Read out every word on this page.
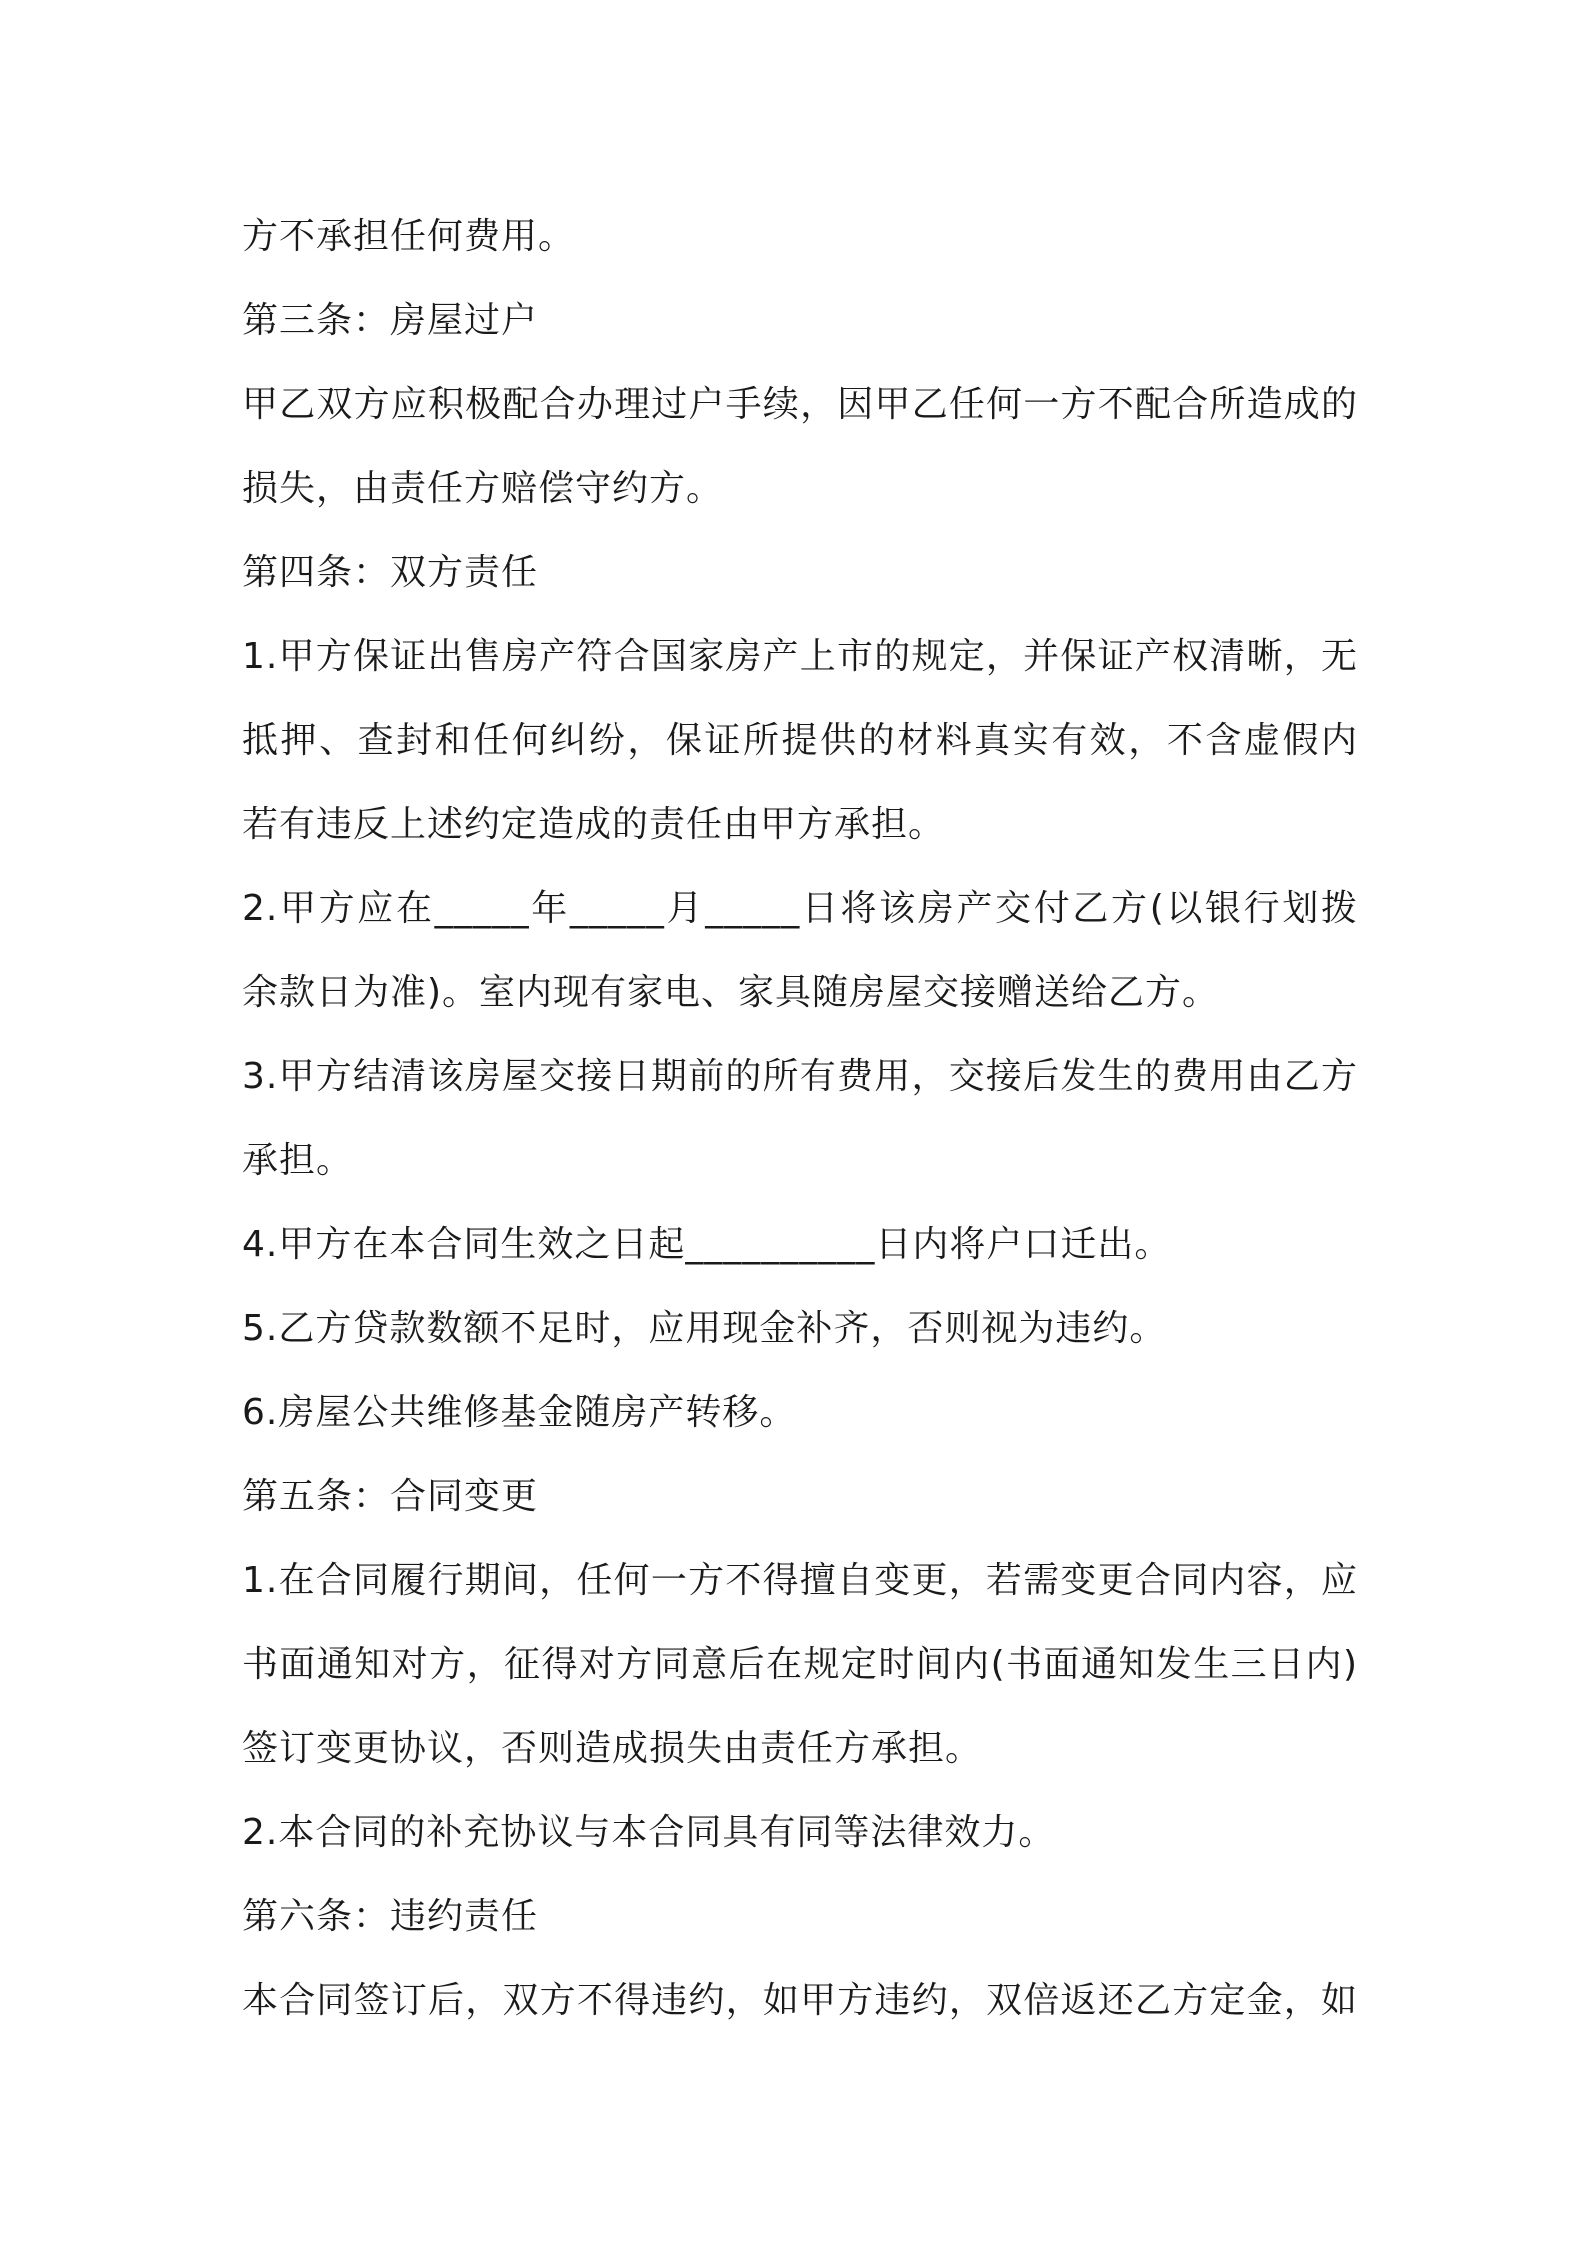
方不承担任何费用。
第三条：房屋过户
甲乙双方应积极配合办理过户手续，因甲乙任何一方不配合所造成的
损失，由责任方赔偿守约方。
第四条：双方责任
1.甲方保证出售房产符合国家房产上市的规定，并保证产权清晰，无
抵押、查封和任何纠纷，保证所提供的材料真实有效，不含虚假内
若有违反上述约定造成的责任由甲方承担。
2.甲方应在_____年_____月_____日将该房产交付乙方(以银行划拨
余款日为准)。室内现有家电、家具随房屋交接赠送给乙方。
3.甲方结清该房屋交接日期前的所有费用，交接后发生的费用由乙方
承担。
4.甲方在本合同生效之日起__________日内将户口迁出。
5.乙方贷款数额不足时，应用现金补齐，否则视为违约。
6.房屋公共维修基金随房产转移。
第五条：合同变更
1.在合同履行期间，任何一方不得擅自变更，若需变更合同内容，应
书面通知对方，征得对方同意后在规定时间内(书面通知发生三日内)
签订变更协议，否则造成损失由责任方承担。
2.本合同的补充协议与本合同具有同等法律效力。
第六条：违约责任
本合同签订后，双方不得违约，如甲方违约，双倍返还乙方定金，如
